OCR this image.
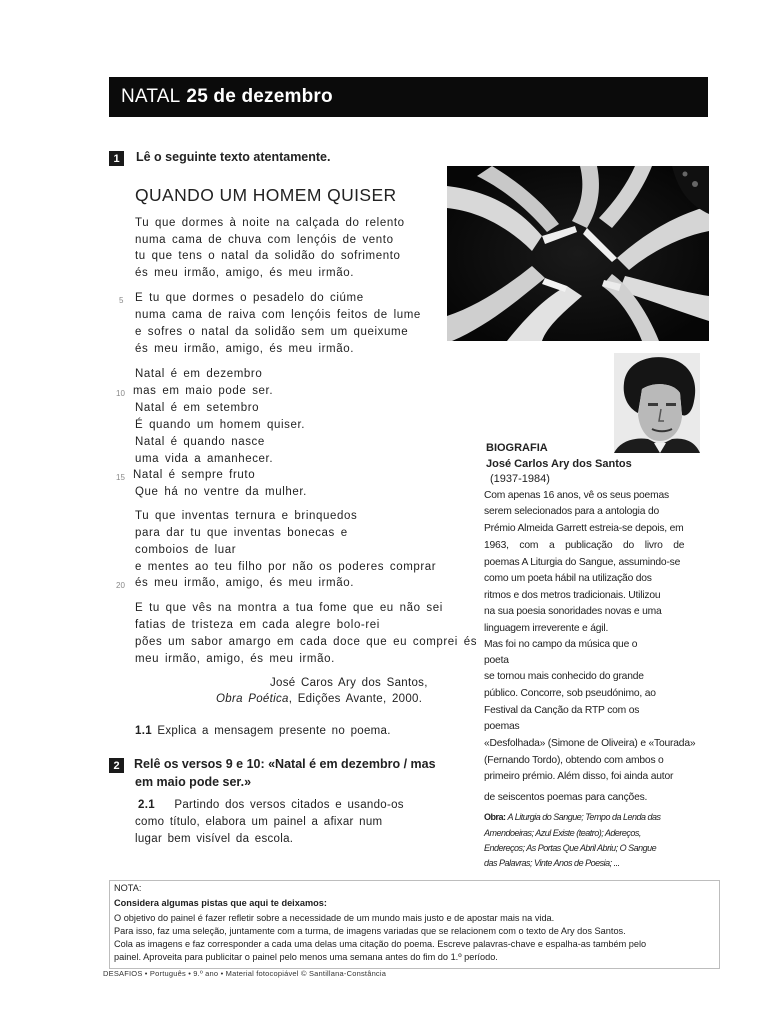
NATAL 25 de dezembro
1	Lê o seguinte texto atentamente.
QUANDO UM HOMEM QUISER
Tu que dormes à noite na calçada do relento
numa cama de chuva com lençóis de vento
tu que tens o natal da solidão do sofrimento
és meu irmão, amigo, és meu irmão.
E tu que dormes o pesadelo do ciúme
numa cama de raiva com lençóis feitos de lume
e sofres o natal da solidão sem um queixume
és meu irmão, amigo, és meu irmão.
Natal é em dezembro
mas em maio pode ser.
Natal é em setembro
É quando um homem quiser.
Natal é quando nasce
uma vida a amanhecer.
Natal é sempre fruto
Que há no ventre da mulher.
Tu que inventas ternura e brinquedos
para dar tu que inventas bonecas e
comboios de luar
e mentes ao teu filho por não os poderes comprar
és meu irmão, amigo, és meu irmão.
E tu que vês na montra a tua fome que eu não sei
fatias de tristeza em cada alegre bolo-rei
pões um sabor amargo em cada doce que eu comprei és
meu irmão, amigo, és meu irmão.
5
10
15
20
José Caros Ary dos Santos,
Obra Poética, Edições Avante, 2000.
1.1 Explica a mensagem presente no poema.
2	Relê os versos 9 e 10: «Natal é em dezembro / mas
em maio pode ser.»
2.1 Partindo dos versos citados e usando-os
como título, elabora um painel a afixar num
lugar bem visível da escola.
BIOGRAFIA
José Carlos Ary dos Santos
(1937-1984)
Com apenas 16 anos, vê os seus poemas
serem selecionados para a antologia do
Prémio Almeida Garrett estreia-se depois, em
1963, com a publicação do livro de
poemas A Liturgia do Sangue, assumindo-se
como um poeta hábil na utilização dos
ritmos e dos metros tradicionais. Utilizou
na sua poesia sonoridades novas e uma
linguagem irreverente e ágil.
Mas foi no campo da música que o
poeta
se tornou mais conhecido do grande
público. Concorre, sob pseudónimo, ao
Festival da Canção da RTP com os
poemas
«Desfolhada» (Simone de Oliveira) e «Tourada»
(Fernando Tordo), obtendo com ambos o
primeiro prémio. Além disso, foi ainda autor
de seiscentos poemas para canções.
Obra: A Liturgia do Sangue; Tempo da Lenda das
Amendoeiras; Azul Existe (teatro); Adereços,
Endereços; As Portas Que Abril Abriu; O Sangue
das Palavras; Vinte Anos de Poesia; ...
NOTA:
Considera algumas pistas que aqui te deixamos:
O objetivo do painel é fazer refletir sobre a necessidade de um mundo mais justo e de apostar mais na vida.
Para isso, faz uma seleção, juntamente com a turma, de imagens variadas que se relacionem com o texto de Ary dos Santos.
Cola as imagens e faz corresponder a cada uma delas uma citação do poema. Escreve palavras-chave e espalha-as também pelo
painel. Aproveita para publicitar o painel pelo menos uma semana antes do fim do 1.º período.
DESAFIOS • Português • 9.º ano • Material fotocopiável © Santillana-Constância
